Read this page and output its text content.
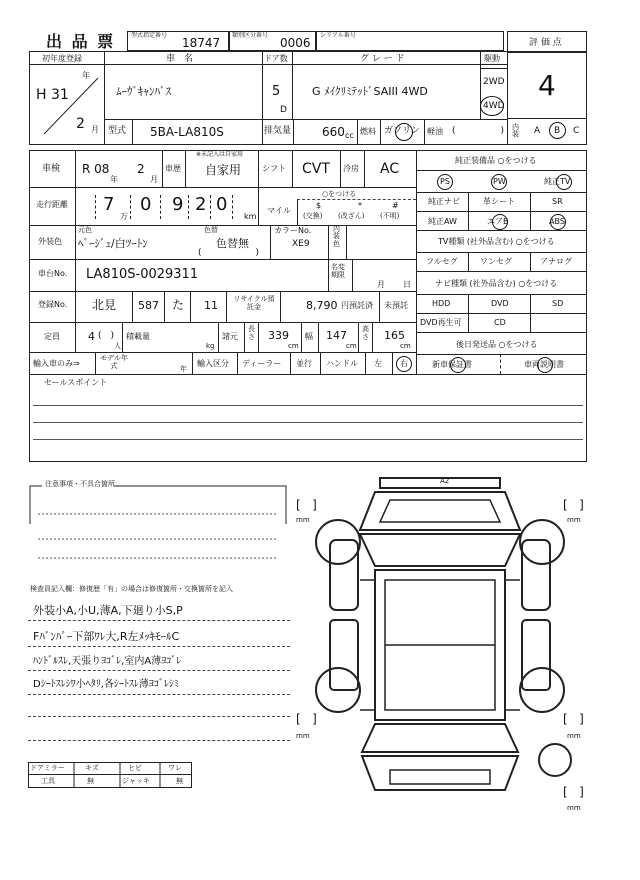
出 品 票	型式指定番号
18747
類別区分番号
0006
シリアル番号
評 価 点
4
初年度登録
H 31
年
2 月
車　名
ﾑｰｳﾞｷｬﾝﾊﾞｽ
ドア数
5
D
グ レ ー ド
G ﾒｲｸﾘﾐﾃｯﾄﾞSAIII 4WD
駆動
2WD
4WD
型式 5BA-LA810S	排気量	660 cc 燃料 ガソリン 軽油 (　　　　　) 内装	A B C
車検 R 08
年
2
月
車歴
※未記入は自家用
自家用	シフト CVT 冷房 AC
走行距離 7
万
0 9 2 0
km
マイル
○をつける
$	*	#
(交換) (改ざん) (不明)
外装色
元色
ﾍﾞｰｼﾞｭ/白ﾂｰﾄﾝ
色替
色替無
(　　　　　　)
カラーNo.
XE9
内装色
車台No. LA810S-0029311	名変期限
月 日
登録No. 北見 587 た 11	リサイクル預託金	8,790 円預託済 未預託
定員	4 (　)
人
積載量
kg
諸元
長さ 339
cm
幅 147
cm
高さ 165
cm
輸入車のみ⇒
モデル年式	年
輸入区分 ディーラー 並行 ハンドル 左 右
純正装備品 ○をつける
PS	PW	純正TV
純正ナビ	革シート	SR
純正AW	エアB	ABS
TV種類 (社外品含む) ○をつける
フルセグ	ワンセグ	アナログ
ナビ種類 (社外品含む) ○をつける
HDD	DVD	SD
DVD再生可	CD
後日発送品 ○をつける
新車保証書	車両説明書
セールスポイント
注意事項・不具合箇所
検査員記入欄：修復歴「有」の場合は修復箇所・交換箇所を記入
外装小A,小U,薄A,下廻り小S,P
Fﾊﾞﾝﾊﾟｰ下部ﾜﾚ大,R左ﾒｯｷﾓｰﾙC
ﾊﾝﾄﾞﾙｽﾚ,天張りﾖｺﾞﾚ,室内A薄ﾖｺﾞﾚ
Dｼｰﾄｽﾚｼﾜ小ﾍﾀﾘ,各ｼｰﾄｽﾚ薄ﾖｺﾞﾚｼﾐ
ドアミラー	キズ	ヒビ	ワレ
工具	無	ジャッキ	無
A2
[   ]
mm
[   ]
mm
[   ]
mm
[   ]
mm
[   ]
mm
